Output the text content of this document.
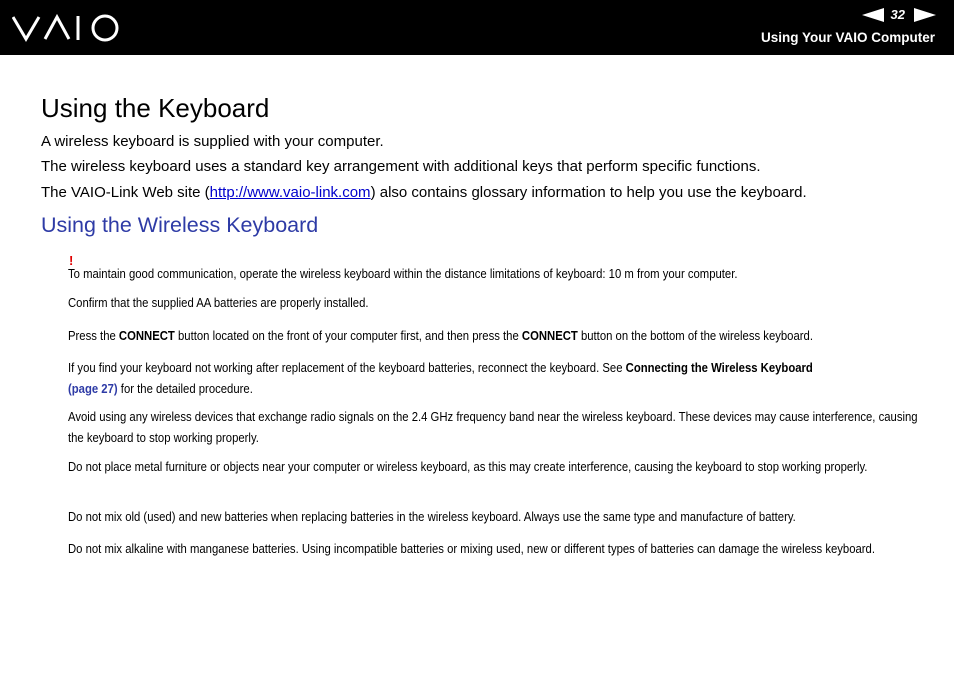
32
Using Your VAIO Computer
Using the Keyboard

A wireless keyboard is supplied with your computer.

The wireless keyboard uses a standard key arrangement with additional keys that perform specific functions.

The VAIO-Link Web site (http://www.vaio-link.com) also contains glossary information to help you use the keyboard.

Using the Wireless Keyboard
!

To maintain good communication, operate the wireless keyboard within the distance limitations of keyboard: 10 m from your computer.

Confirm that the supplied AA batteries are properly installed.

Press the CONNECT button located on the front of your computer first, and then press the CONNECT button on the bottom of the wireless keyboard.

If you find your keyboard not working after replacement of the keyboard batteries, reconnect the keyboard. See Connecting the Wireless Keyboard
(page 27) for the detailed procedure.

Avoid using any wireless devices that exchange radio signals on the 2.4 GHz frequency band near the wireless keyboard. These devices may cause interference, causing the keyboard to stop working properly.

Do not place metal furniture or objects near your computer or wireless keyboard, as this may create interference, causing the keyboard to stop working properly.

Do not mix old (used) and new batteries when replacing batteries in the wireless keyboard. Always use the same type and manufacture of battery.

Do not mix alkaline with manganese batteries. Using incompatible batteries or mixing used, new or different types of batteries can damage the wireless keyboard.
